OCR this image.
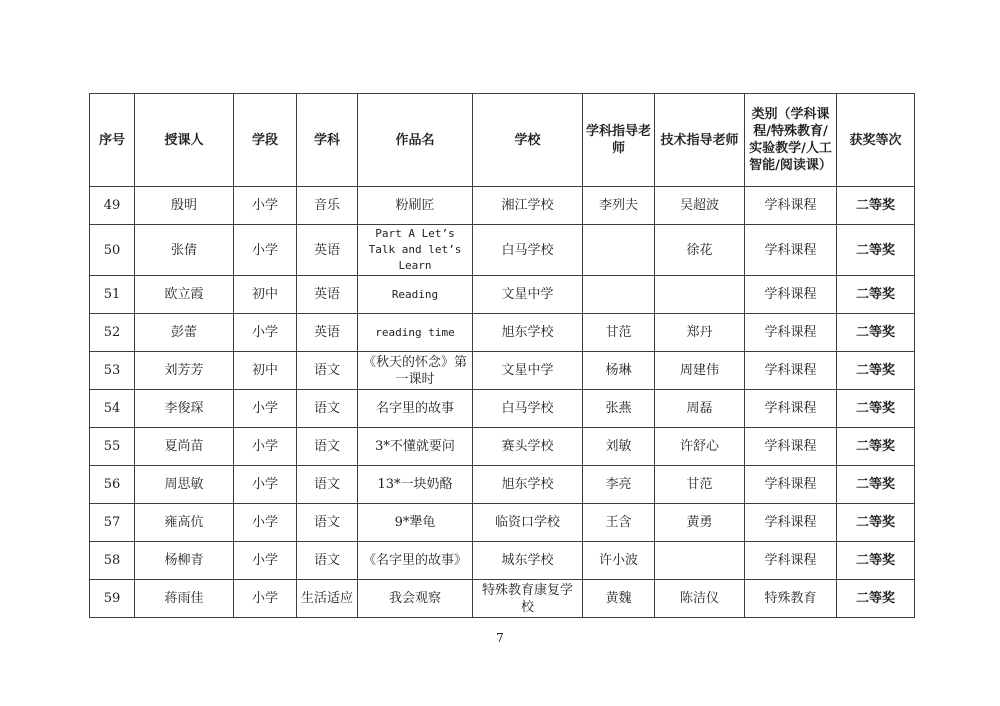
序号	授课人	学段	学科	作品名	学校	学科指导老师	技术指导老师	类别（学科课程/特殊教育/实验教学/人工智能/阅读课）	获奖等次
49	殷明	小学	音乐	粉刷匠	湘江学校	李列夫	吴超波	学科课程	二等奖
50	张倩	小学	英语	Part A Let’s Talk and let’s Learn	白马学校		徐花	学科课程	二等奖
51	欧立霞	初中	英语	Reading	文星中学			学科课程	二等奖
52	彭蕾	小学	英语	reading time	旭东学校	甘范	郑丹	学科课程	二等奖
53	刘芳芳	初中	语文	《秋天的怀念》第一课时	文星中学	杨琳	周建伟	学科课程	二等奖
54	李俊琛	小学	语文	名字里的故事	白马学校	张燕	周磊	学科课程	二等奖
55	夏尚苗	小学	语文	3*不懂就要问	赛头学校	刘敏	许舒心	学科课程	二等奖
56	周思敏	小学	语文	13*一块奶酪	旭东学校	李亮	甘范	学科课程	二等奖
57	雍高伉	小学	语文	9*犟龟	临资口学校	王含	黄勇	学科课程	二等奖
58	杨柳青	小学	语文	《名字里的故事》	城东学校	许小波		学科课程	二等奖
59	蒋雨佳	小学	生活适应	我会观察	特殊教育康复学校	黄魏	陈洁仪	特殊教育	二等奖
7
